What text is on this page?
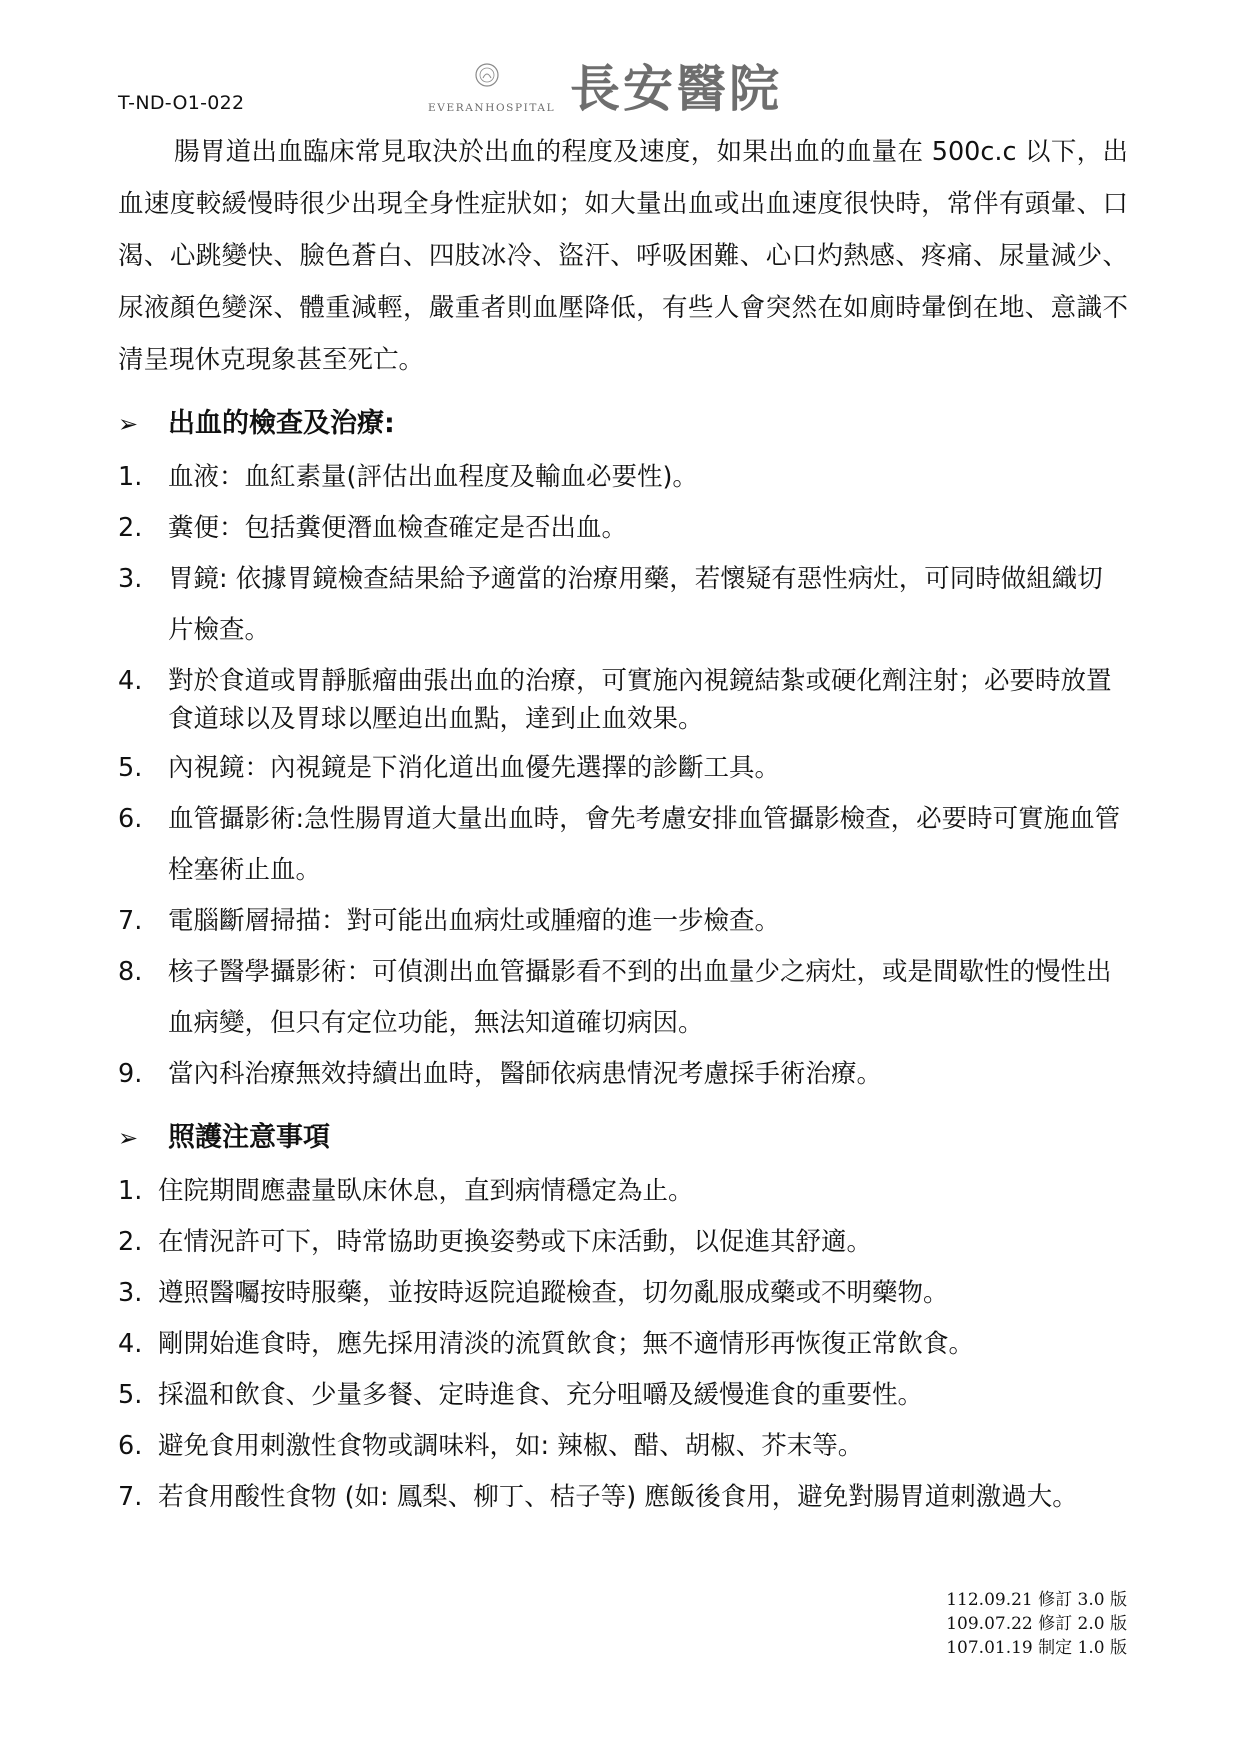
T-ND-O1-022	EVERANHOSPITAL 長安醫院

腸胃道出血臨床常見取決於出血的程度及速度，如果出血的血量在 500c.c 以下，出血速度較緩慢時很少出現全身性症狀如；如大量出血或出血速度很快時，常伴有頭暈、口渴、心跳變快、臉色蒼白、四肢冰冷、盜汗、呼吸困難、心口灼熱感、疼痛、尿量減少、尿液顏色變深、體重減輕，嚴重者則血壓降低，有些人會突然在如廁時暈倒在地、意識不清呈現休克現象甚至死亡。

➢	出血的檢查及治療:
1.	血液：血紅素量(評估出血程度及輸血必要性)。
2.	糞便：包括糞便潛血檢查確定是否出血。
3.	胃鏡: 依據胃鏡檢查結果給予適當的治療用藥，若懷疑有惡性病灶，可同時做組織切片檢查。
4.	對於食道或胃靜脈瘤曲張出血的治療，可實施內視鏡結紮或硬化劑注射；必要時放置食道球以及胃球以壓迫出血點，達到止血效果。
5.	內視鏡：內視鏡是下消化道出血優先選擇的診斷工具。
6.	血管攝影術:急性腸胃道大量出血時，會先考慮安排血管攝影檢查，必要時可實施血管栓塞術止血。
7.	電腦斷層掃描：對可能出血病灶或腫瘤的進一步檢查。
8.	核子醫學攝影術：可偵測出血管攝影看不到的出血量少之病灶，或是間歇性的慢性出血病變，但只有定位功能，無法知道確切病因。
9.	當內科治療無效持續出血時，醫師依病患情況考慮採手術治療。
➢	照護注意事項
1. 住院期間應盡量臥床休息，直到病情穩定為止。
2. 在情況許可下，時常協助更換姿勢或下床活動，以促進其舒適。
3. 遵照醫囑按時服藥，並按時返院追蹤檢查，切勿亂服成藥或不明藥物。
4. 剛開始進食時，應先採用清淡的流質飲食；無不適情形再恢復正常飲食。
5. 採溫和飲食、少量多餐、定時進食、充分咀嚼及緩慢進食的重要性。
6. 避免食用刺激性食物或調味料，如: 辣椒、醋、胡椒、芥末等。
7. 若食用酸性食物 (如: 鳳梨、柳丁、桔子等) 應飯後食用，避免對腸胃道刺激過大。
112.09.21 修訂 3.0 版
109.07.22 修訂 2.0 版
107.01.19 制定 1.0 版
